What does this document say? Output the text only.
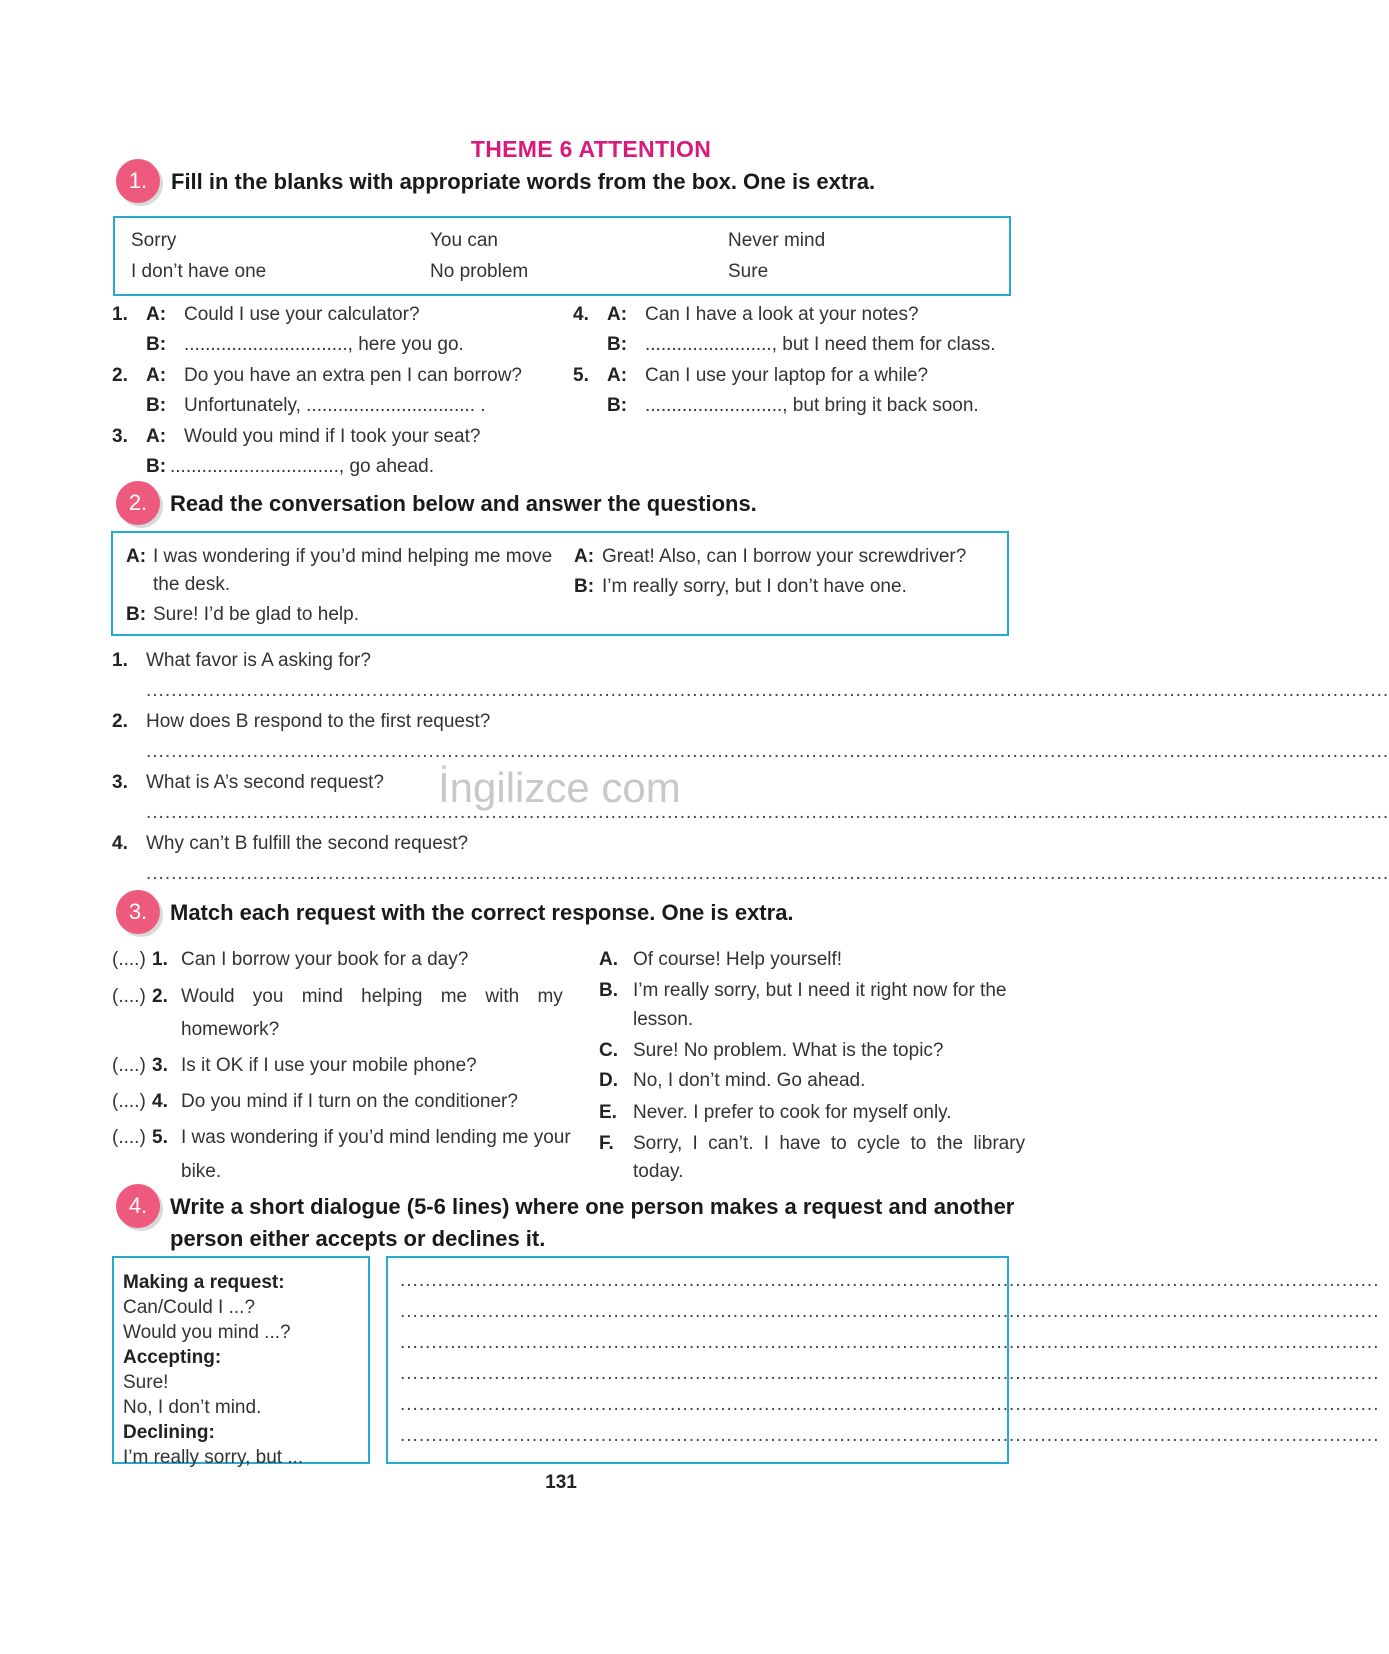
THEME 6 ATTENTION
1.	Fill in the blanks with appropriate words from the box. One is extra.
Sorry	You can	Never mind
I don’t have one	No problem	Sure
1. A: Could I use your calculator?
B: ..............................., here you go.
2. A: Do you have an extra pen I can borrow?
B: Unfortunately, ................................ .
3. A: Would you mind if I took your seat?
B: ................................, go ahead.
4. A: Can I have a look at your notes?
B: ........................, but I need them for class.
5. A: Can I use your laptop for a while?
B: .........................., but bring it back soon.
2.	Read the conversation below and answer the questions.
A: I was wondering if you’d mind helping me move
the desk.
B: Sure! I’d be glad to help.
A: Great! Also, can I borrow your screwdriver?
B: I’m really sorry, but I don’t have one.
1. What favor is A asking for?
......................................................................................................................................................................................................
2. How does B respond to the first request?
......................................................................................................................................................................................................
3. What is A’s second request?
......................................................................................................................................................................................................
4. Why can’t B fulfill the second request?
......................................................................................................................................................................................................
İngilizce com
3.	Match each request with the correct response. One is extra.
(....) 1. Can I borrow your book for a day?
(....) 2. Would you mind helping me with my
homework?
(....) 3. Is it OK if I use your mobile phone?
(....) 4. Do you mind if I turn on the conditioner?
(....) 5. I was wondering if you’d mind lending me your
bike.
A. Of course! Help yourself!
B. I’m really sorry, but I need it right now for the
lesson.
C. Sure! No problem. What is the topic?
D. No, I don’t mind. Go ahead.
E. Never. I prefer to cook for myself only.
F. Sorry, I can’t. I have to cycle to the library
today.
4.	Write a short dialogue (5-6 lines) where one person makes a request and another
person either accepts or declines it.
Making a request:
Can/Could I ...?
Would you mind ...?
Accepting:
Sure!
No, I don’t mind.
Declining:
I’m really sorry, but ...
............................................................................................................................................................
............................................................................................................................................................
............................................................................................................................................................
............................................................................................................................................................
............................................................................................................................................................
............................................................................................................................................................
131
